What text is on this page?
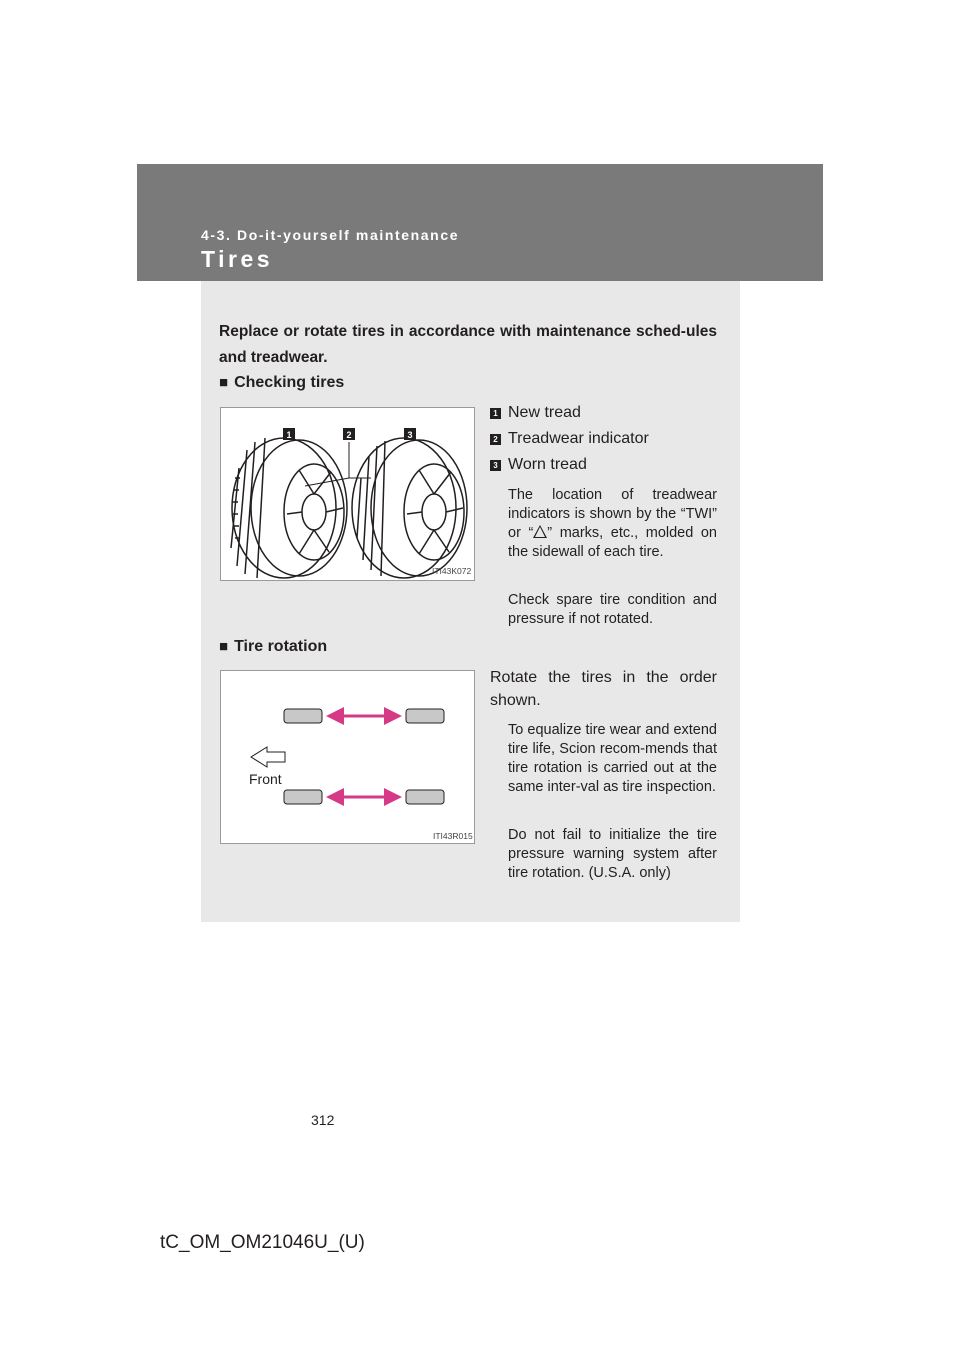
4-3. Do-it-yourself maintenance
Tires
Replace or rotate tires in accordance with maintenance sched-ules and treadwear.
■ Checking tires
1	2	3
ITI43K072
1 New tread
2 Treadwear indicator
3 Worn tread
The location of treadwear indicators is shown by the “TWI” or “ ” marks, etc., molded on the sidewall of each tire.
Check spare tire condition and pressure if not rotated.
■ Tire rotation
Front
ITI43R015
Rotate the tires in the order shown.
To equalize tire wear and extend tire life, Scion recom-mends that tire rotation is carried out at the same inter-val as tire inspection.
Do not fail to initialize the tire pressure warning system after tire rotation. (U.S.A. only)
312
tC_OM_OM21046U_(U)
